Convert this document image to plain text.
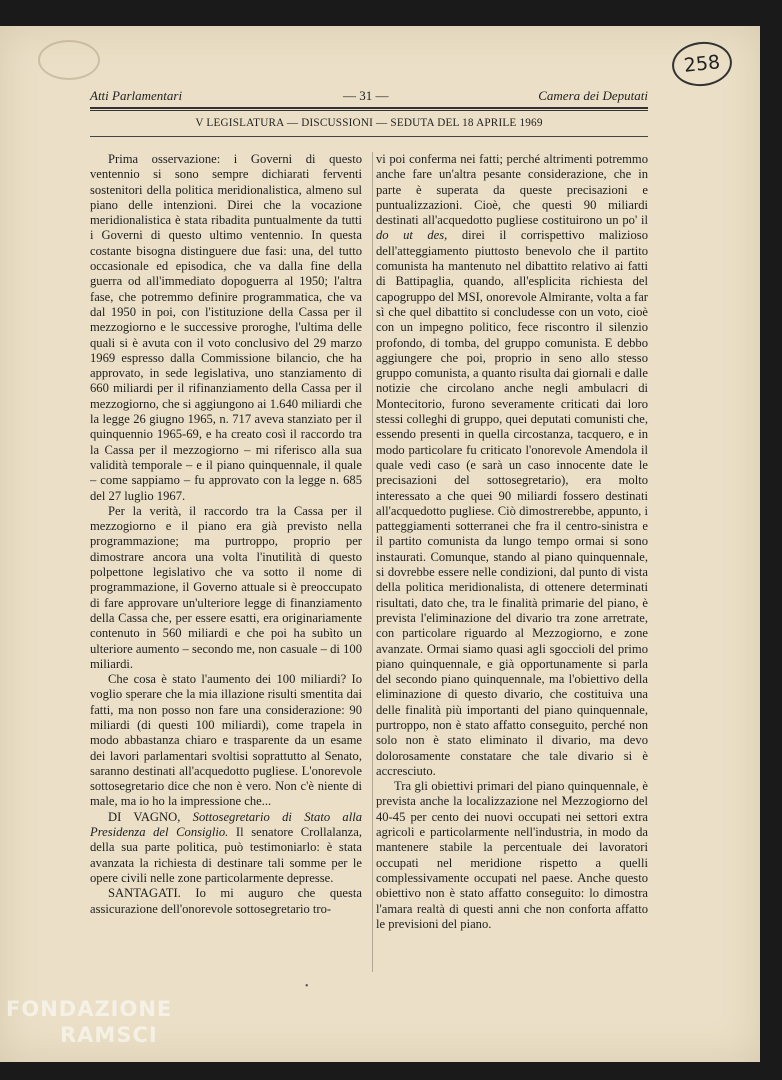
258
Atti Parlamentari	— 31 —	Camera dei Deputati
V LEGISLATURA — DISCUSSIONI — SEDUTA DEL 18 APRILE 1969

Prima osservazione: i Governi di questo ventennio si sono sempre dichiarati ferventi sostenitori della politica meridionalistica, almeno sul piano delle intenzioni. Direi che la vocazione meridionalistica è stata ribadita puntualmente da tutti i Governi di questo ultimo ventennio. In questa costante bisogna distinguere due fasi: una, del tutto occasionale ed episodica, che va dalla fine della guerra od all'immediato dopoguerra al 1950; l'altra fase, che potremmo definire programmatica, che va dal 1950 in poi, con l'istituzione della Cassa per il mezzogiorno e le successive proroghe, l'ultima delle quali si è avuta con il voto conclusivo del 29 marzo 1969 espresso dalla Commissione bilancio, che ha approvato, in sede legislativa, uno stanziamento di 660 miliardi per il rifinanziamento della Cassa per il mezzogiorno, che si aggiungono ai 1.640 miliardi che la legge 26 giugno 1965, n. 717 aveva stanziato per il quinquennio 1965-69, e ha creato così il raccordo tra la Cassa per il mezzogiorno – mi riferisco alla sua validità temporale – e il piano quinquennale, il quale – come sappiamo – fu approvato con la legge n. 685 del 27 luglio 1967.

Per la verità, il raccordo tra la Cassa per il mezzogiorno e il piano era già previsto nella programmazione; ma purtroppo, proprio per dimostrare ancora una volta l'inutilità di questo polpettone legislativo che va sotto il nome di programmazione, il Governo attuale si è preoccupato di fare approvare un'ulteriore legge di finanziamento della Cassa che, per essere esatti, era originariamente contenuto in 560 miliardi e che poi ha subìto un ulteriore aumento – secondo me, non casuale – di 100 miliardi.

Che cosa è stato l'aumento dei 100 miliardi? Io voglio sperare che la mia illazione risulti smentita dai fatti, ma non posso non fare una considerazione: 90 miliardi (di questi 100 miliardi), come trapela in modo abbastanza chiaro e trasparente da un esame dei lavori parlamentari svoltisi soprattutto al Senato, saranno destinati all'acquedotto pugliese. L'onorevole sottosegretario dice che non è vero. Non c'è niente di male, ma io ho la impressione che...

DI VAGNO, Sottosegretario di Stato alla Presidenza del Consiglio. Il senatore Crollalanza, della sua parte politica, può testimoniarlo: è stata avanzata la richiesta di destinare tali somme per le opere civili nelle zone particolarmente depresse.

SANTAGATI. Io mi auguro che questa assicurazione dell'onorevole sottosegretario tro-

vi poi conferma nei fatti; perché altrimenti potremmo anche fare un'altra pesante considerazione, che in parte è superata da queste precisazioni e puntualizzazioni. Cioè, che questi 90 miliardi destinati all'acquedotto pugliese costituirono un po' il do ut des, direi il corrispettivo malizioso dell'atteggiamento piuttosto benevolo che il partito comunista ha mantenuto nel dibattito relativo ai fatti di Battipaglia, quando, all'esplicita richiesta del capogruppo del MSI, onorevole Almirante, volta a far sì che quel dibattito si concludesse con un voto, cioè con un impegno politico, fece riscontro il silenzio profondo, di tomba, del gruppo comunista. E debbo aggiungere che poi, proprio in seno allo stesso gruppo comunista, a quanto risulta dai giornali e dalle notizie che circolano anche negli ambulacri di Montecitorio, furono severamente criticati dai loro stessi colleghi di gruppo, quei deputati comunisti che, essendo presenti in quella circostanza, tacquero, e in modo particolare fu criticato l'onorevole Amendola il quale vedi caso (e sarà un caso innocente date le precisazioni del sottosegretario), era molto interessato a che quei 90 miliardi fossero destinati all'acquedotto pugliese. Ciò dimostrerebbe, appunto, i patteggiamenti sotterranei che fra il centro-sinistra e il partito comunista da lungo tempo ormai si sono instaurati. Comunque, stando al piano quinquennale, si dovrebbe essere nelle condizioni, dal punto di vista della politica meridionalista, di ottenere determinati risultati, dato che, tra le finalità primarie del piano, è prevista l'eliminazione del divario tra zone arretrate, con particolare riguardo al Mezzogiorno, e zone avanzate. Ormai siamo quasi agli sgoccioli del primo piano quinquennale, e già opportunamente si parla del secondo piano quinquennale, ma l'obiettivo della eliminazione di questo divario, che costituiva una delle finalità più importanti del piano quinquennale, purtroppo, non è stato affatto conseguito, perché non solo non è stato eliminato il divario, ma devo dolorosamente constatare che tale divario si è accresciuto.

Tra gli obiettivi primari del piano quinquennale, è prevista anche la localizzazione nel Mezzogiorno del 40-45 per cento dei nuovi occupati nei settori extra agricoli e particolarmente nell'industria, in modo da mantenere stabile la percentuale dei lavoratori occupati nel meridione rispetto a quelli complessivamente occupati nel paese. Anche questo obiettivo non è stato affatto conseguito: lo dimostra l'amara realtà di questi anni che non conforta affatto le previsioni del piano.

•
FONDAZIONE
RAMSCI
